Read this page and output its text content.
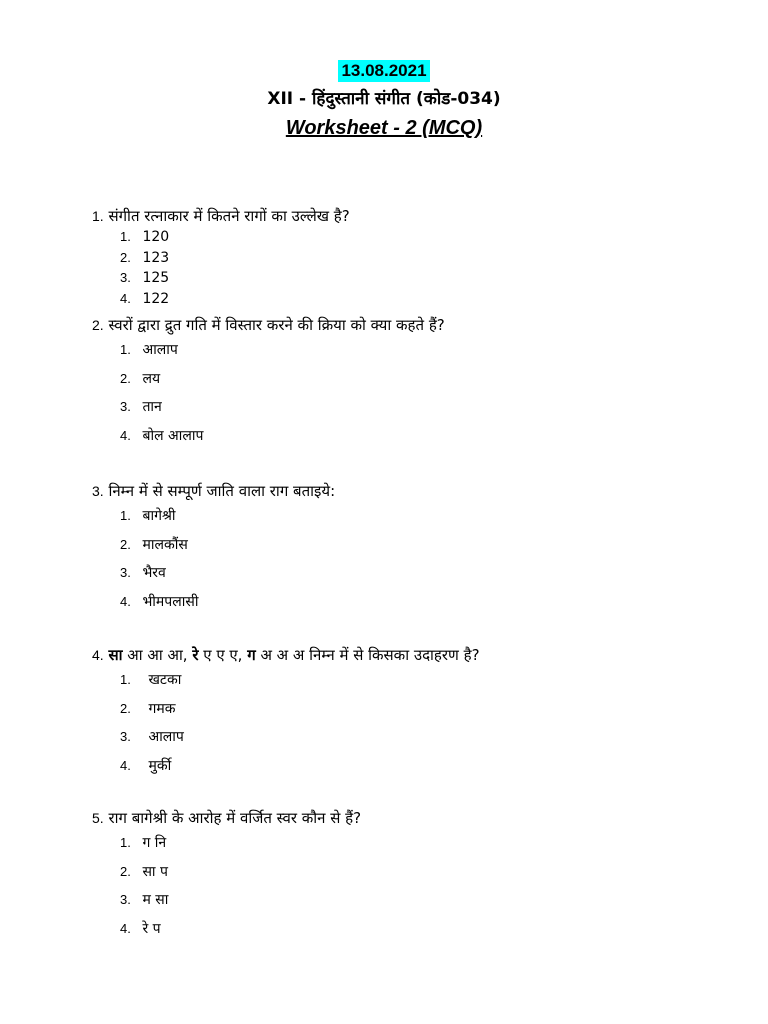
13.08.2021
XII - हिंदुस्तानी संगीत (कोड-034)
Worksheet - 2 (MCQ)
1. संगीत रत्नाकार में कितने रागों का उल्लेख है?
1. 120
2. 123
3. 125
4. 122
2. स्वरों द्वारा द्रुत गति में विस्तार करने की क्रिया को क्या कहते हैं?
1. आलाप
2. लय
3. तान
4. बोल आलाप
3. निम्न में से सम्पूर्ण जाति वाला राग बताइये:
1. बागेश्री
2. मालकौंस
3. भैरव
4. भीमपलासी
4. सा आ आ आ, रे ए ए ए, ग अ अ अ निम्न में से किसका उदाहरण है?
1. खटका
2. गमक
3. आलाप
4. मुर्की
5. राग बागेश्री के आरोह में वर्जित स्वर कौन से हैं?
1. ग नि
2. सा प
3. म सा
4. रे प
